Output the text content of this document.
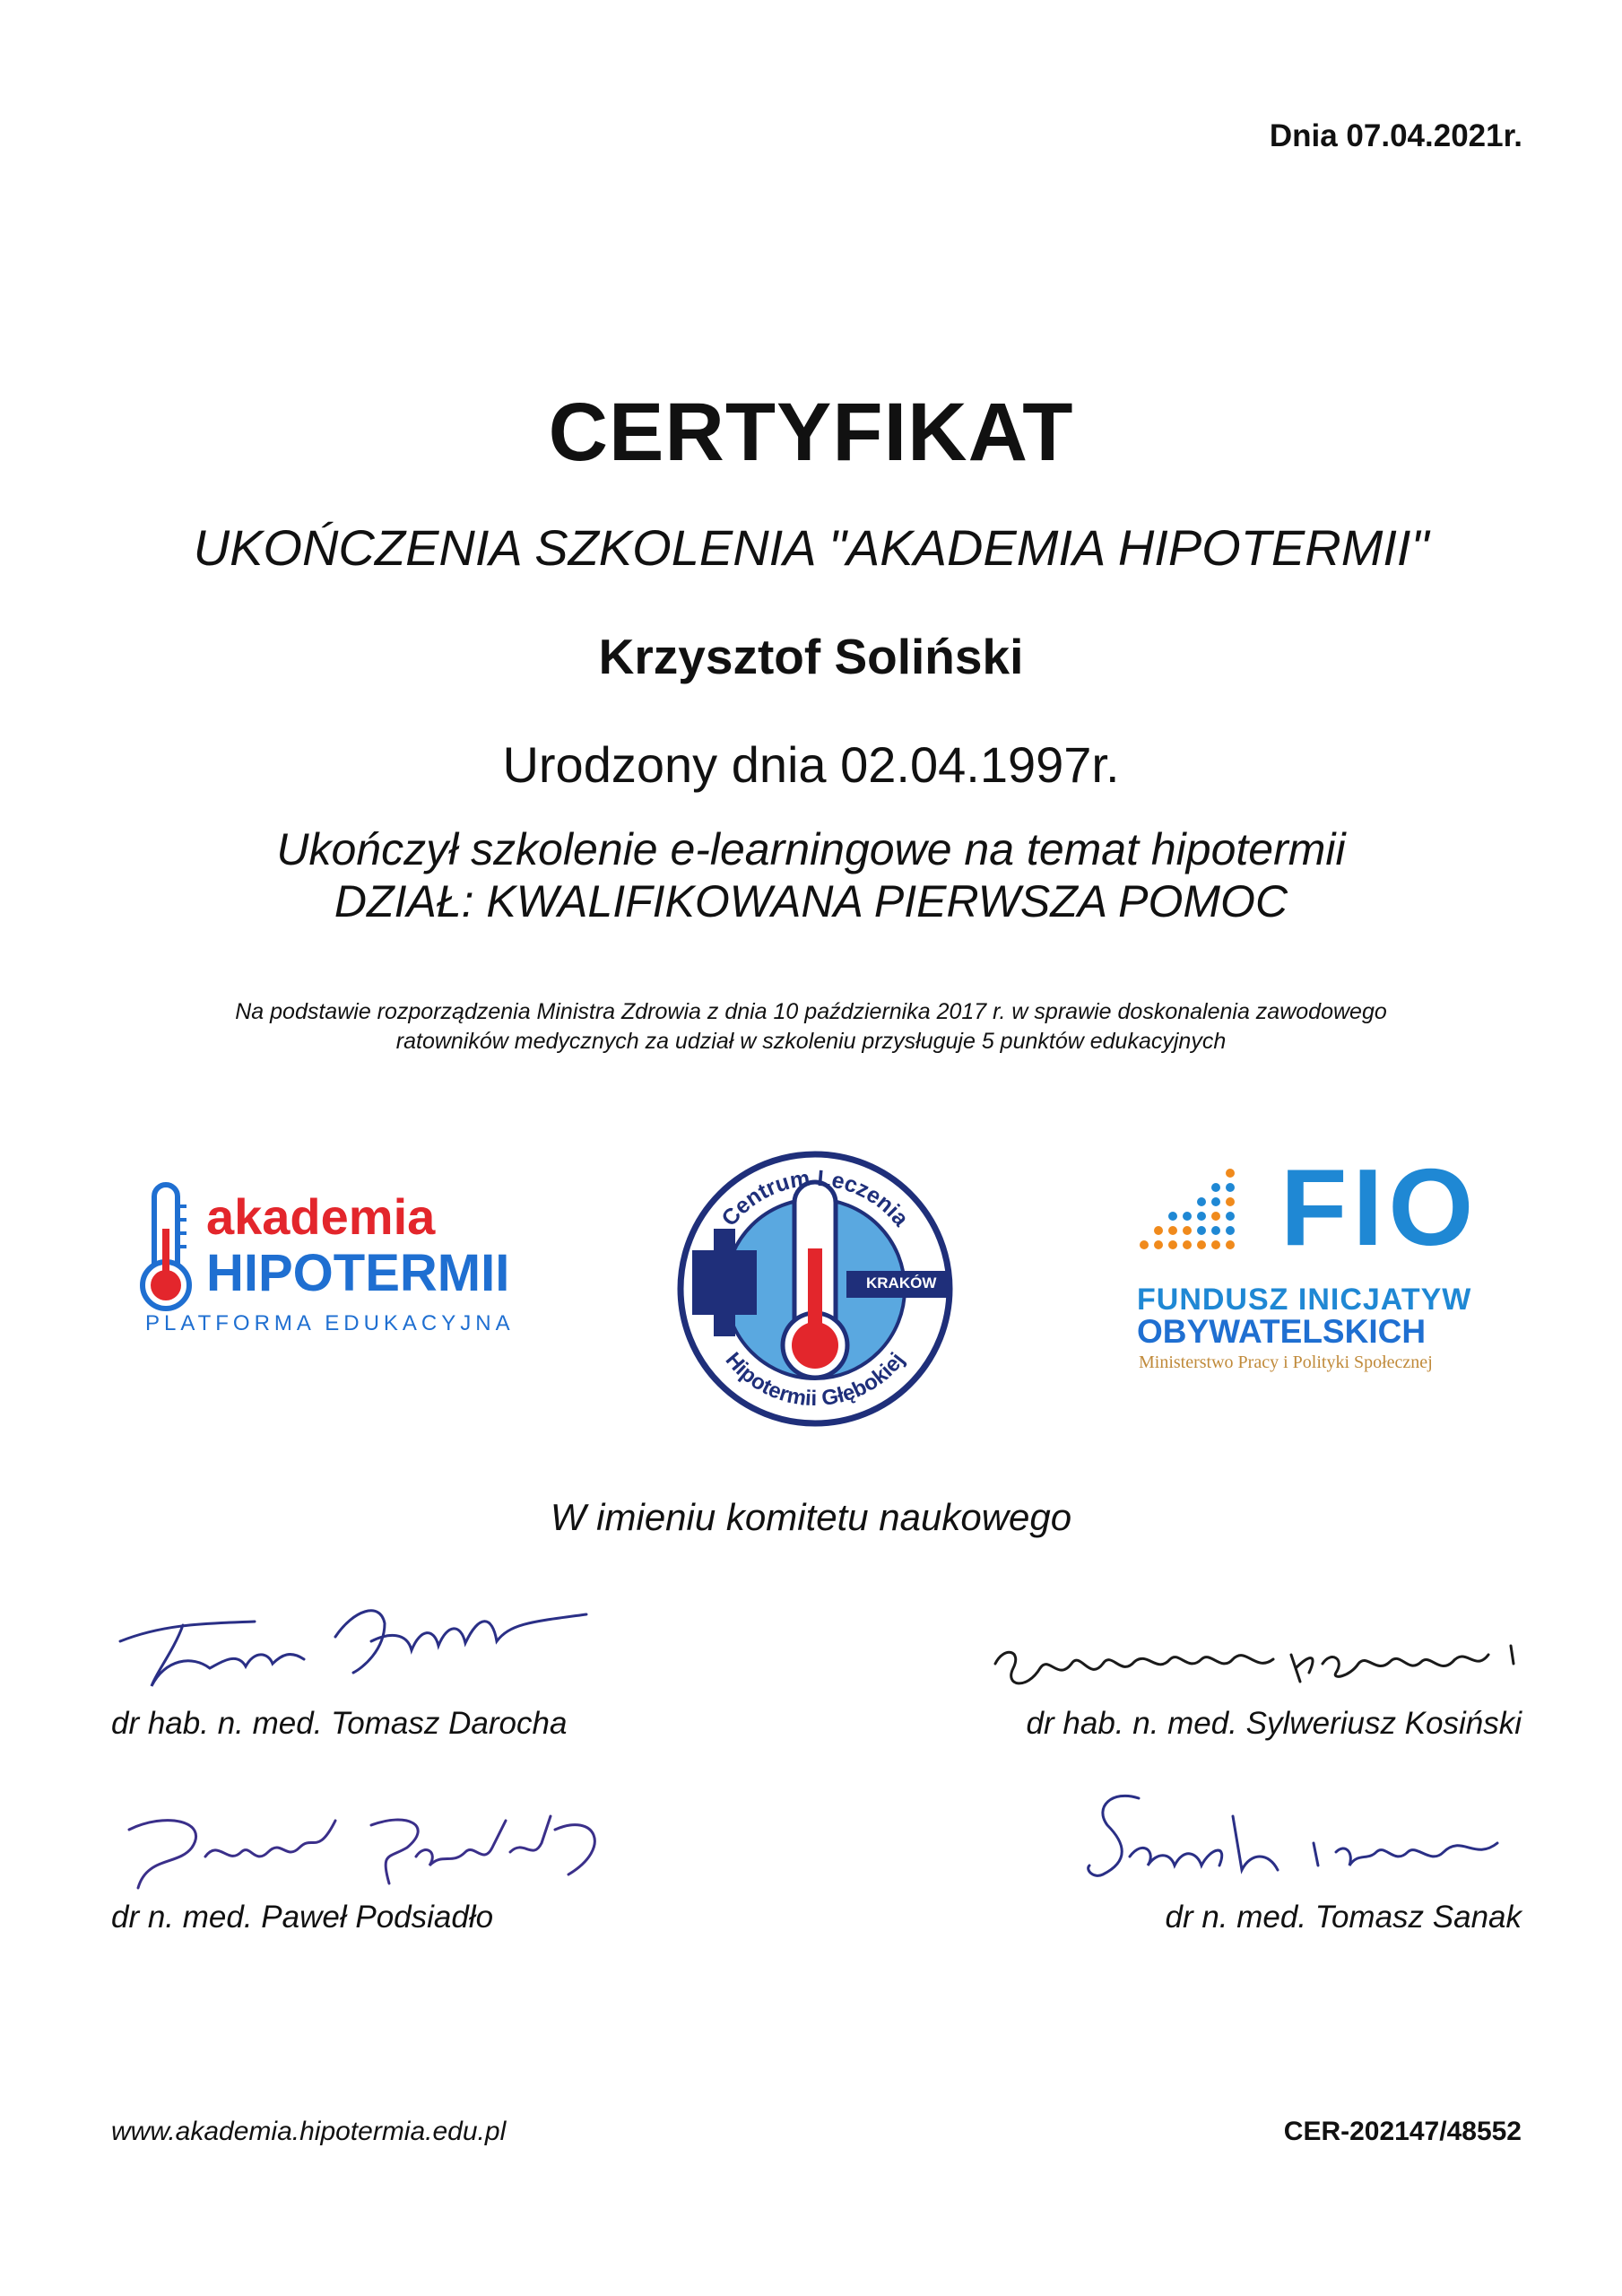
Dnia 07.04.2021r.
CERTYFIKAT
UKOŃCZENIA SZKOLENIA "AKADEMIA HIPOTERMII"
Krzysztof Soliński
Urodzony dnia 02.04.1997r.
Ukończył szkolenie e-learningowe na temat hipotermii
DZIAŁ: KWALIFIKOWANA PIERWSZA POMOC
Na podstawie rozporządzenia Ministra Zdrowia z dnia 10 października 2017 r. w sprawie doskonalenia zawodowego
ratowników medycznych za udział w szkoleniu przysługuje 5 punktów edukacyjnych
akademia
HIPOTERMII
PLATFORMA EDUKACYJNA
Centrum Leczenia
Hipotermii Głębokiej
KRAKÓW
FIO
FUNDUSZ INICJATYW
OBYWATELSKICH
Ministerstwo Pracy i Polityki Społecznej
W imieniu komitetu naukowego
dr hab. n. med. Tomasz Darocha	dr hab. n. med. Sylweriusz Kosiński
dr n. med. Paweł Podsiadło	dr n. med. Tomasz Sanak
www.akademia.hipotermia.edu.pl	CER-202147/48552
